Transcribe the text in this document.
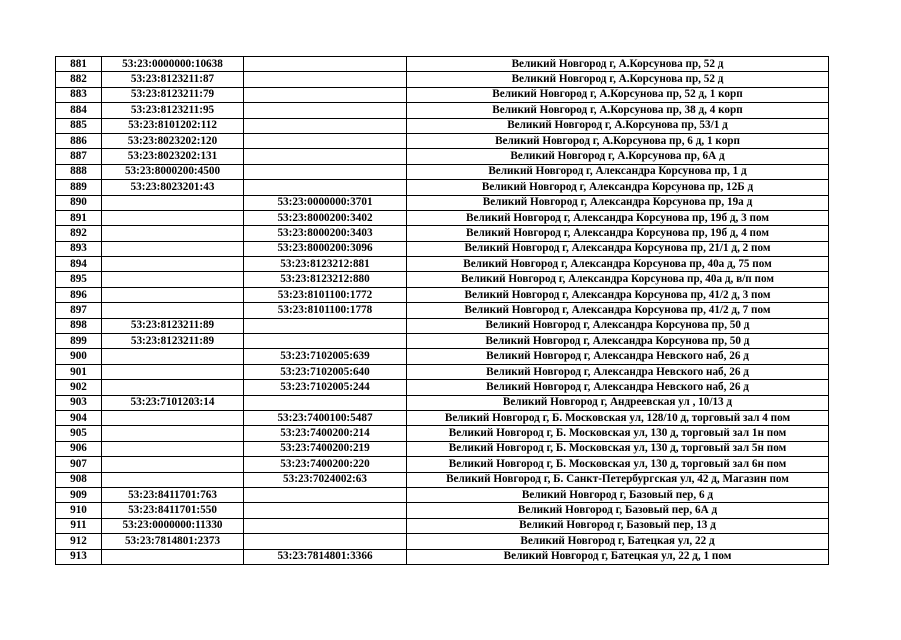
881	53:23:0000000:10638		Великий Новгород г, А.Корсунова пр, 52 д
882	53:23:8123211:87		Великий Новгород г, А.Корсунова пр, 52 д
883	53:23:8123211:79		Великий Новгород г, А.Корсунова пр, 52 д, 1 корп
884	53:23:8123211:95		Великий Новгород г, А.Корсунова пр, 38 д, 4 корп
885	53:23:8101202:112		Великий Новгород г, А.Корсунова пр, 53/1 д
886	53:23:8023202:120		Великий Новгород г, А.Корсунова пр, 6 д, 1 корп
887	53:23:8023202:131		Великий Новгород г, А.Корсунова пр, 6А д
888	53:23:8000200:4500		Великий Новгород г, Александра Корсунова пр, 1 д
889	53:23:8023201:43		Великий Новгород г, Александра Корсунова пр, 12Б д
890		53:23:0000000:3701	Великий Новгород г, Александра Корсунова пр, 19а д
891		53:23:8000200:3402	Великий Новгород г, Александра Корсунова пр, 19б д, 3 пом
892		53:23:8000200:3403	Великий Новгород г, Александра Корсунова пр, 19б д, 4 пом
893		53:23:8000200:3096	Великий Новгород г, Александра Корсунова пр, 21/1 д, 2 пом
894		53:23:8123212:881	Великий Новгород г, Александра Корсунова пр, 40а д, 75 пом
895		53:23:8123212:880	Великий Новгород г, Александра Корсунова пр, 40а д, в/п пом
896		53:23:8101100:1772	Великий Новгород г, Александра Корсунова пр, 41/2 д, 3 пом
897		53:23:8101100:1778	Великий Новгород г, Александра Корсунова пр, 41/2 д, 7 пом
898	53:23:8123211:89		Великий Новгород г, Александра Корсунова пр, 50 д
899	53:23:8123211:89		Великий Новгород г, Александра Корсунова пр, 50 д
900		53:23:7102005:639	Великий Новгород г, Александра Невского наб, 26 д
901		53:23:7102005:640	Великий Новгород г, Александра Невского наб, 26 д
902		53:23:7102005:244	Великий Новгород г, Александра Невского наб, 26 д
903	53:23:7101203:14		Великий Новгород г, Андреевская ул , 10/13 д
904		53:23:7400100:5487	Великий Новгород г, Б. Московская ул, 128/10 д, торговый зал 4 пом
905		53:23:7400200:214	Великий Новгород г, Б. Московская ул, 130 д, торговый зал 1н пом
906		53:23:7400200:219	Великий Новгород г, Б. Московская ул, 130 д, торговый зал 5н пом
907		53:23:7400200:220	Великий Новгород г, Б. Московская ул, 130 д, торговый зал 6н пом
908		53:23:7024002:63	Великий Новгород г, Б. Санкт-Петербургская ул, 42 д, Магазин пом
909	53:23:8411701:763		Великий Новгород г, Базовый пер, 6 д
910	53:23:8411701:550		Великий Новгород г, Базовый пер, 6А д
911	53:23:0000000:11330		Великий Новгород г, Базовый пер, 13 д
912	53:23:7814801:2373		Великий Новгород г, Батецкая ул, 22 д
913		53:23:7814801:3366	Великий Новгород г, Батецкая ул, 22 д, 1 пом
